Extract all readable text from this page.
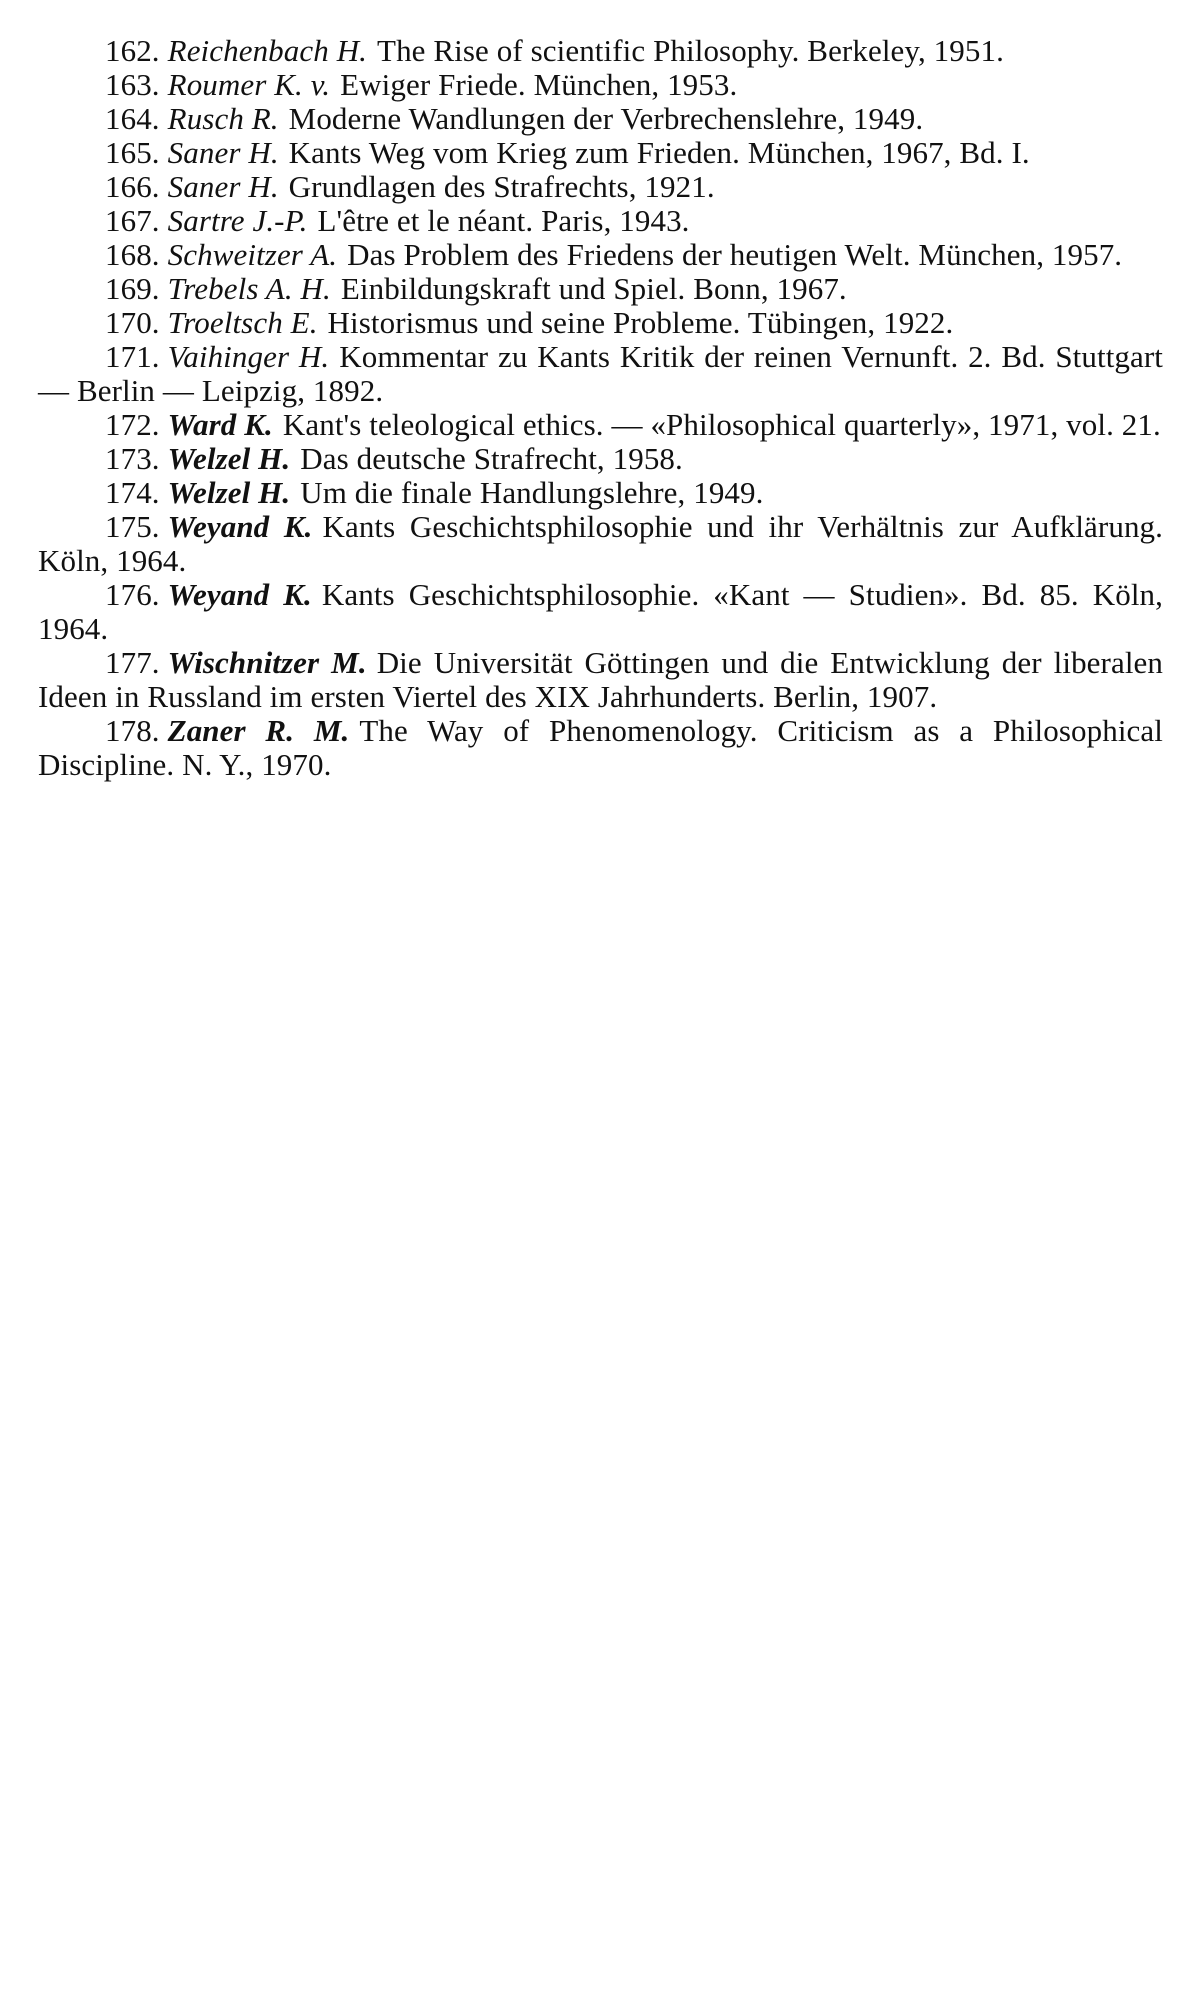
162. Reichenbach H. The Rise of scientific Philosophy. Berkeley, 1951.

163. Roumer K. v. Ewiger Friede. München, 1953.

164. Rusch R. Moderne Wandlungen der Verbrechenslehre, 1949.

165. Saner H. Kants Weg vom Krieg zum Frieden. München, 1967, Bd. I.

166. Saner H. Grundlagen des Strafrechts, 1921.

167. Sartre J.-P. L'être et le néant. Paris, 1943.

168. Schweitzer A. Das Problem des Friedens der heutigen Welt. München, 1957.

169. Trebels A. H. Einbildungskraft und Spiel. Bonn, 1967.

170. Troeltsch E. Historismus und seine Probleme. Tübingen, 1922.

171. Vaihinger H. Kommentar zu Kants Kritik der reinen Vernunft. 2. Bd. Stuttgart — Berlin — Leipzig, 1892.

172. Ward K. Kant's teleological ethics. — «Philosophical quarterly», 1971, vol. 21.

173. Welzel H. Das deutsche Strafrecht, 1958.

174. Welzel H. Um die finale Handlungslehre, 1949.

175. Weyand K. Kants Geschichtsphilosophie und ihr Verhältnis zur Aufklärung. Köln, 1964.

176. Weyand K. Kants Geschichtsphilosophie. «Kant — Studien». Bd. 85. Köln, 1964.

177. Wischnitzer M. Die Universität Göttingen und die Entwicklung der liberalen Ideen in Russland im ersten Viertel des XIX Jahrhunderts. Berlin, 1907.

178. Zaner R. M. The Way of Phenomenology. Criticism as a Philosophical Discipline. N. Y., 1970.
